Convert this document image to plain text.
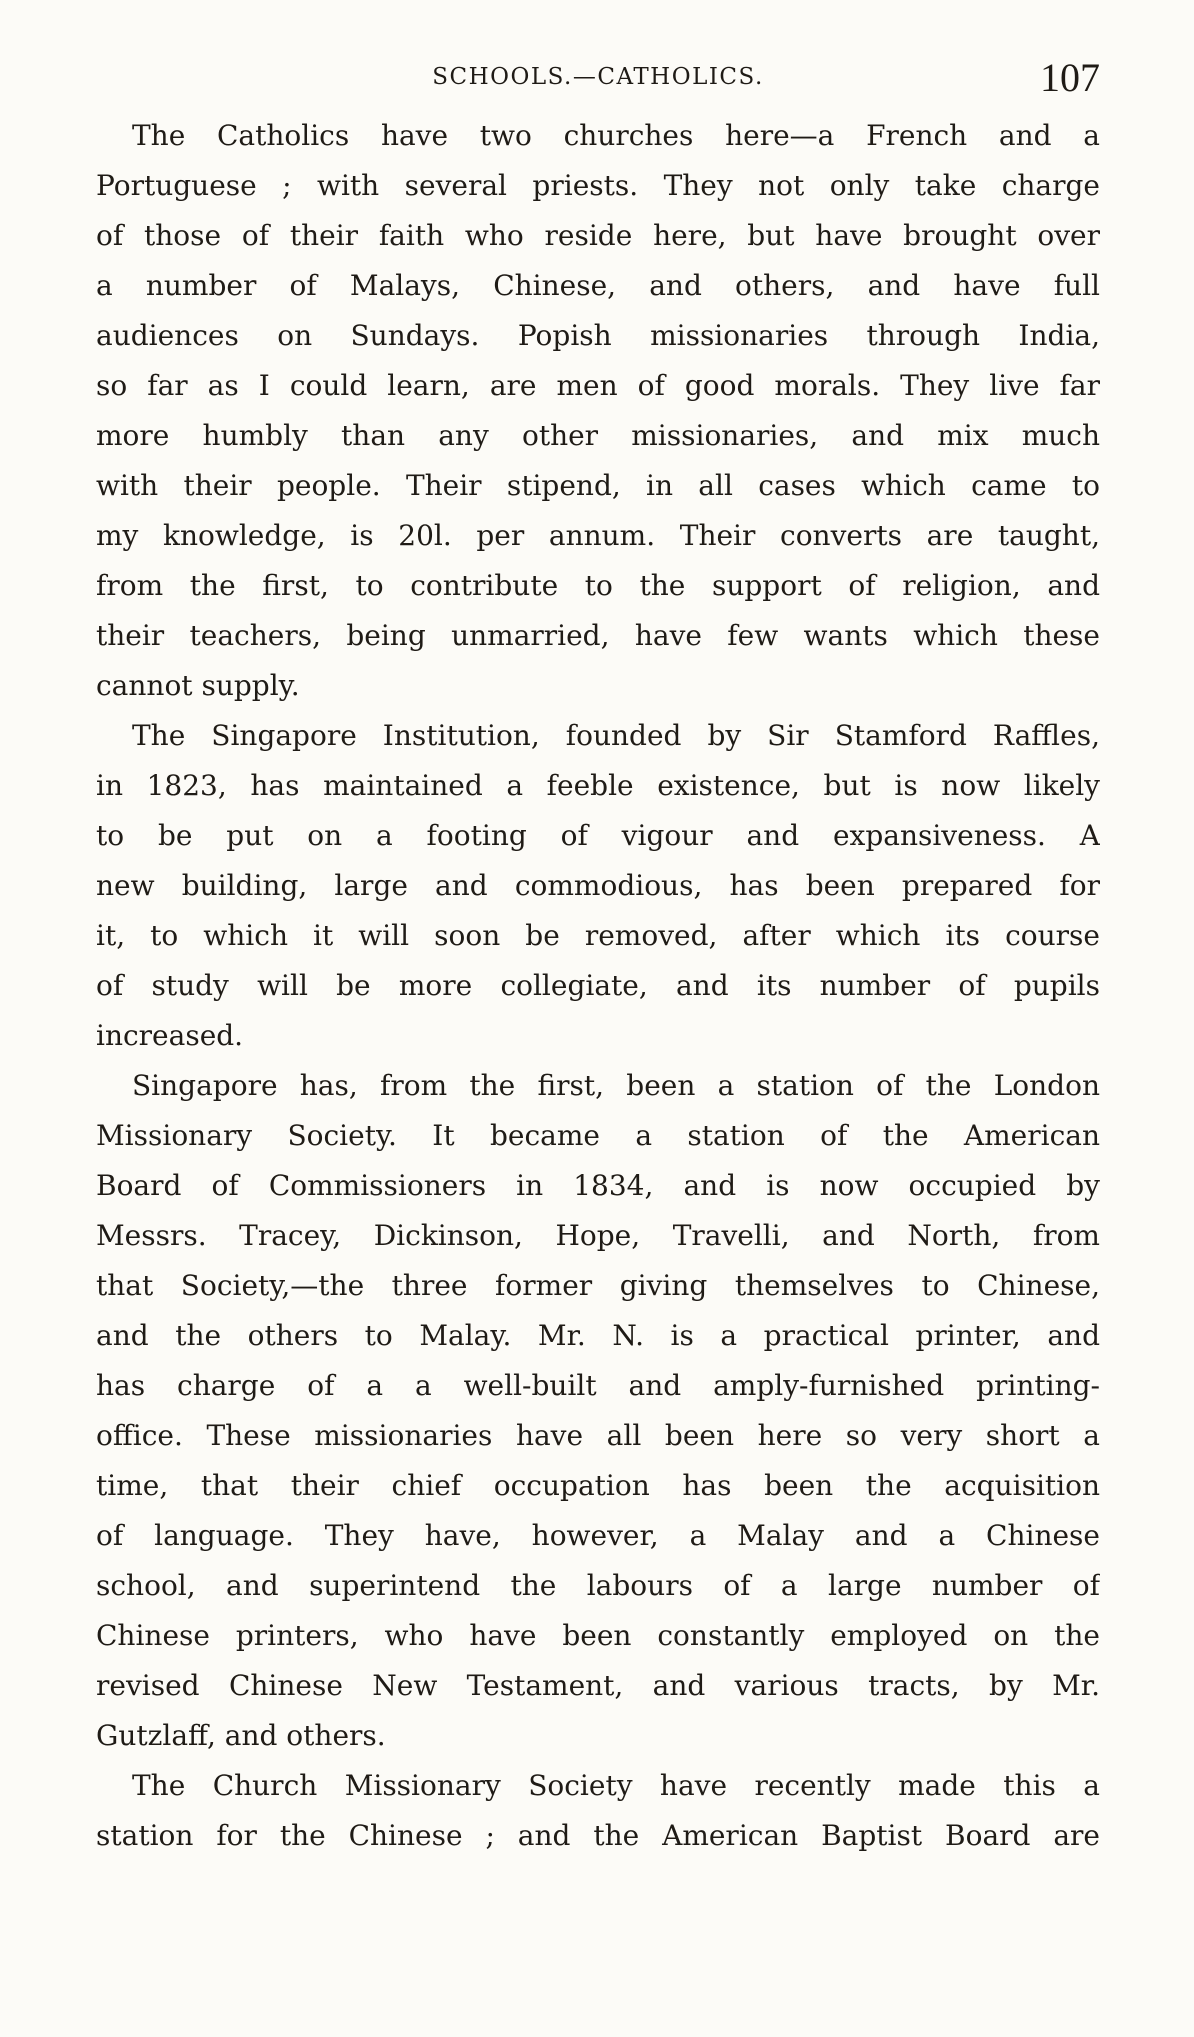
SCHOOLS.—CATHOLICS.	107
The Catholics have two churches here—a French and a
Portuguese ; with several priests. They not only take charge
of those of their faith who reside here, but have brought over
a number of Malays, Chinese, and others, and have full
audiences on Sundays. Popish missionaries through India,
so far as I could learn, are men of good morals. They live far
more humbly than any other missionaries, and mix much
with their people. Their stipend, in all cases which came to
my knowledge, is 20l. per annum. Their converts are taught,
from the first, to contribute to the support of religion, and
their teachers, being unmarried, have few wants which these
cannot supply.
The Singapore Institution, founded by Sir Stamford Raffles,
in 1823, has maintained a feeble existence, but is now likely
to be put on a footing of vigour and expansiveness. A
new building, large and commodious, has been prepared for
it, to which it will soon be removed, after which its course
of study will be more collegiate, and its number of pupils
increased.
Singapore has, from the first, been a station of the London
Missionary Society. It became a station of the American
Board of Commissioners in 1834, and is now occupied by
Messrs. Tracey, Dickinson, Hope, Travelli, and North, from
that Society,—the three former giving themselves to Chinese,
and the others to Malay. Mr. N. is a practical printer, and
has charge of a a well-built and amply-furnished printing-
office. These missionaries have all been here so very short a
time, that their chief occupation has been the acquisition
of language. They have, however, a Malay and a Chinese
school, and superintend the labours of a large number of
Chinese printers, who have been constantly employed on the
revised Chinese New Testament, and various tracts, by Mr.
Gutzlaff, and others.
The Church Missionary Society have recently made this a
station for the Chinese ; and the American Baptist Board are
